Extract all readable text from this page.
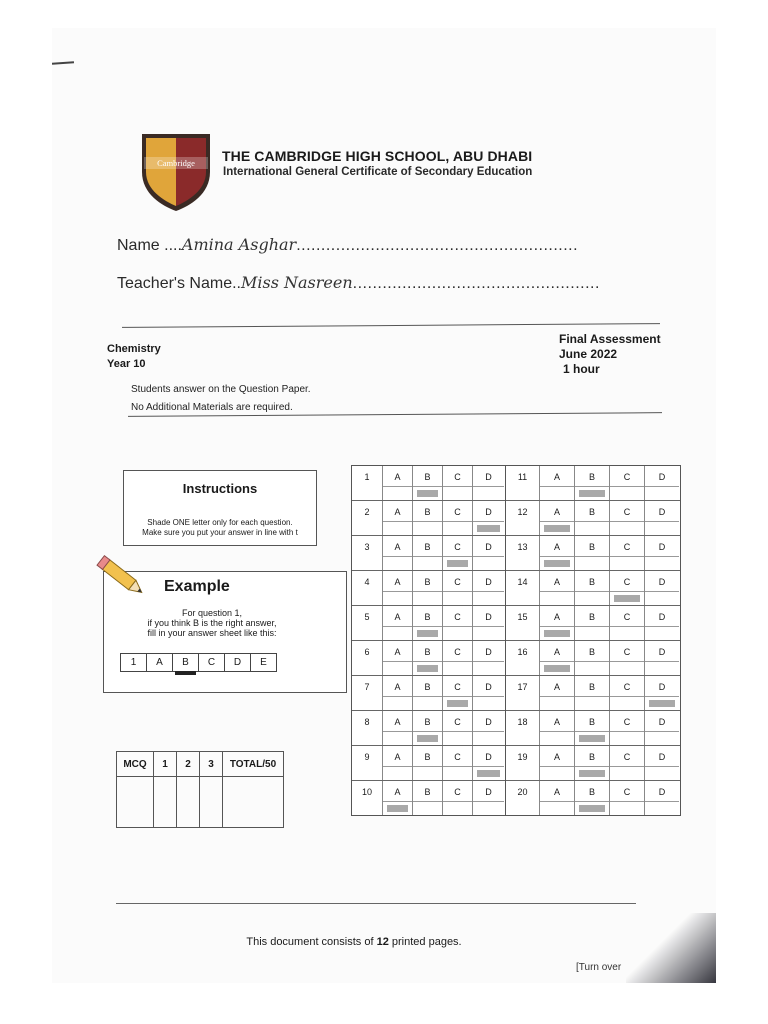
Cambridge THE CAMBRIDGE HIGH SCHOOL, ABU DHABI
International General Certificate of Secondary Education
Name ....Amina Asghar.........................................................
Teacher's Name..Miss Nasreen..................................................
Chemistry
Year 10
Final Assessment
June 2022
1 hour
Students answer on the Question Paper.
No Additional Materials are required.
Instructions
Shade ONE letter only for each question.
Make sure you put your answer in line with t
Example
For question 1,
if you think B is the right answer,
fill in your answer sheet like this:
1	A	B	C	D	E
1	A	B	C	D
2	A	B	C	D
3	A	B	C	D
4	A	B	C	D
5	A	B	C	D
6	A	B	C	D
7	A	B	C	D
8	A	B	C	D
9	A	B	C	D
10	A	B	C	D
11	A	B	C	D
12	A	B	C	D
13	A	B	C	D
14	A	B	C	D
15	A	B	C	D
16	A	B	C	D
17	A	B	C	D
18	A	B	C	D
19	A	B	C	D
20	A	B	C	D
MCQ	1	2	3	TOTAL/50

This document consists of 12 printed pages.
[Turn over
